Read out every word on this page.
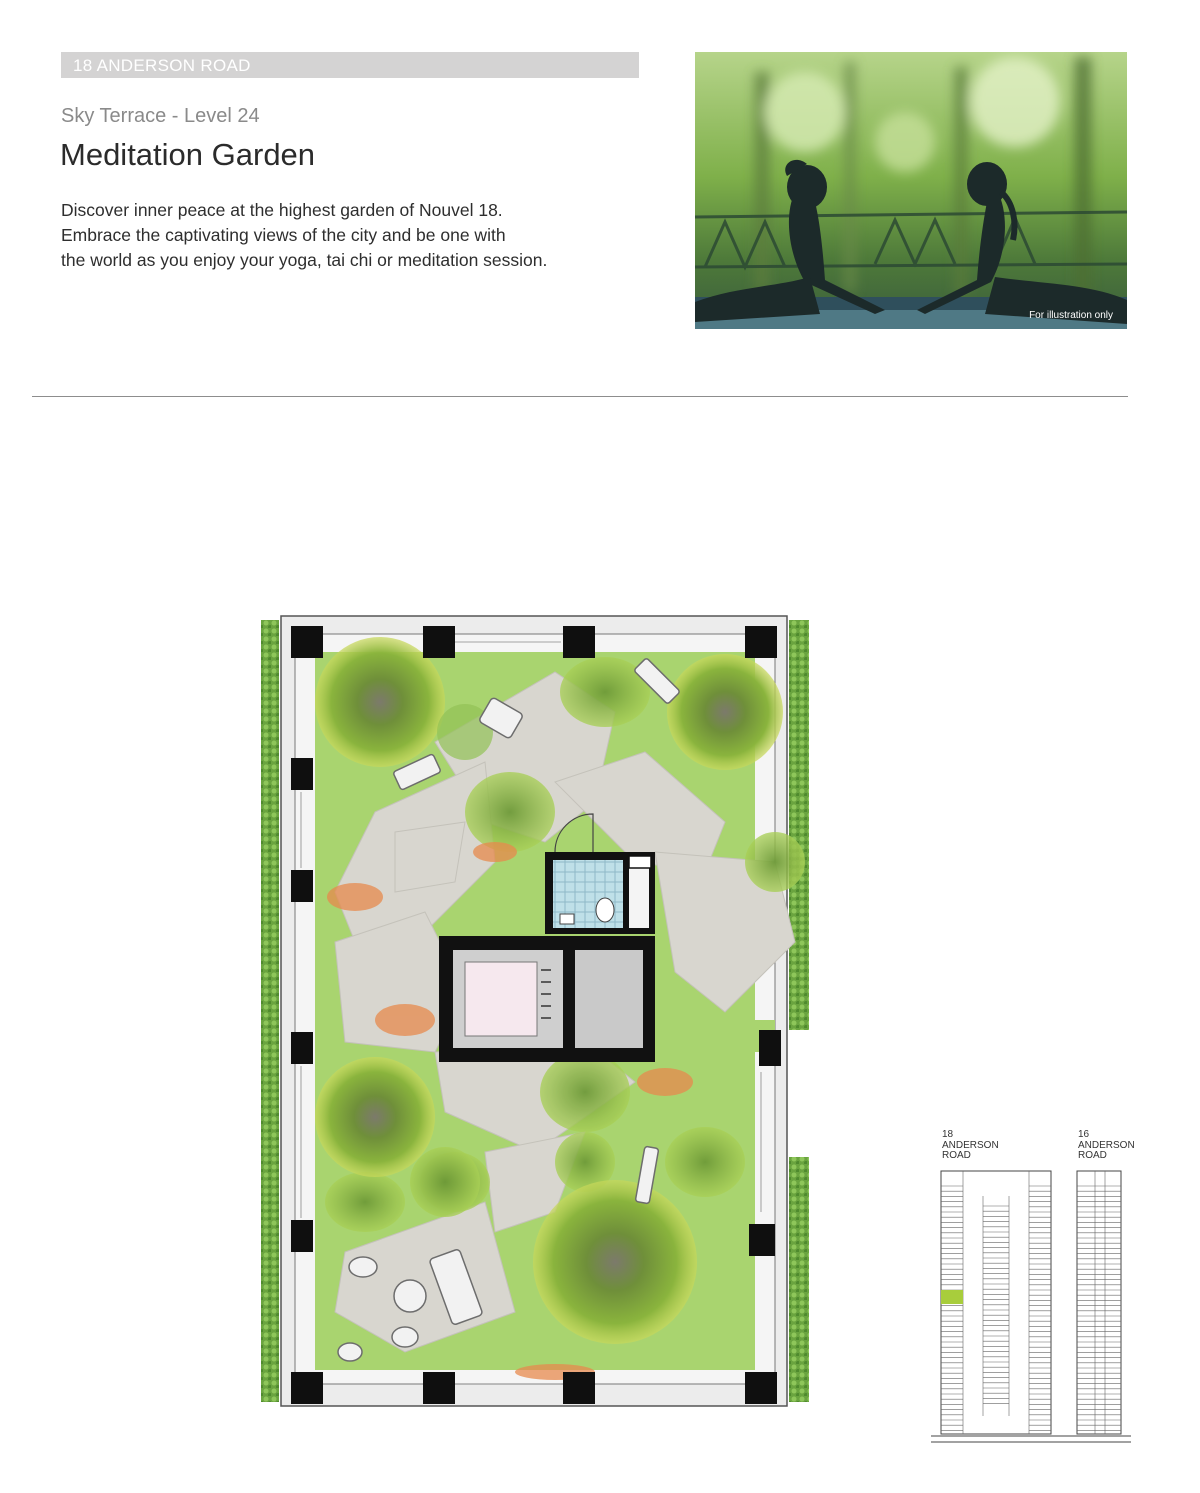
18 ANDERSON ROAD
Sky Terrace - Level 24
Meditation Garden
Discover inner peace at the highest garden of Nouvel 18.
Embrace the captivating views of the city and be one with
the world as you enjoy your yoga, tai chi or meditation session.
For illustration only
18
ANDERSON
ROAD
16
ANDERSON
ROAD
